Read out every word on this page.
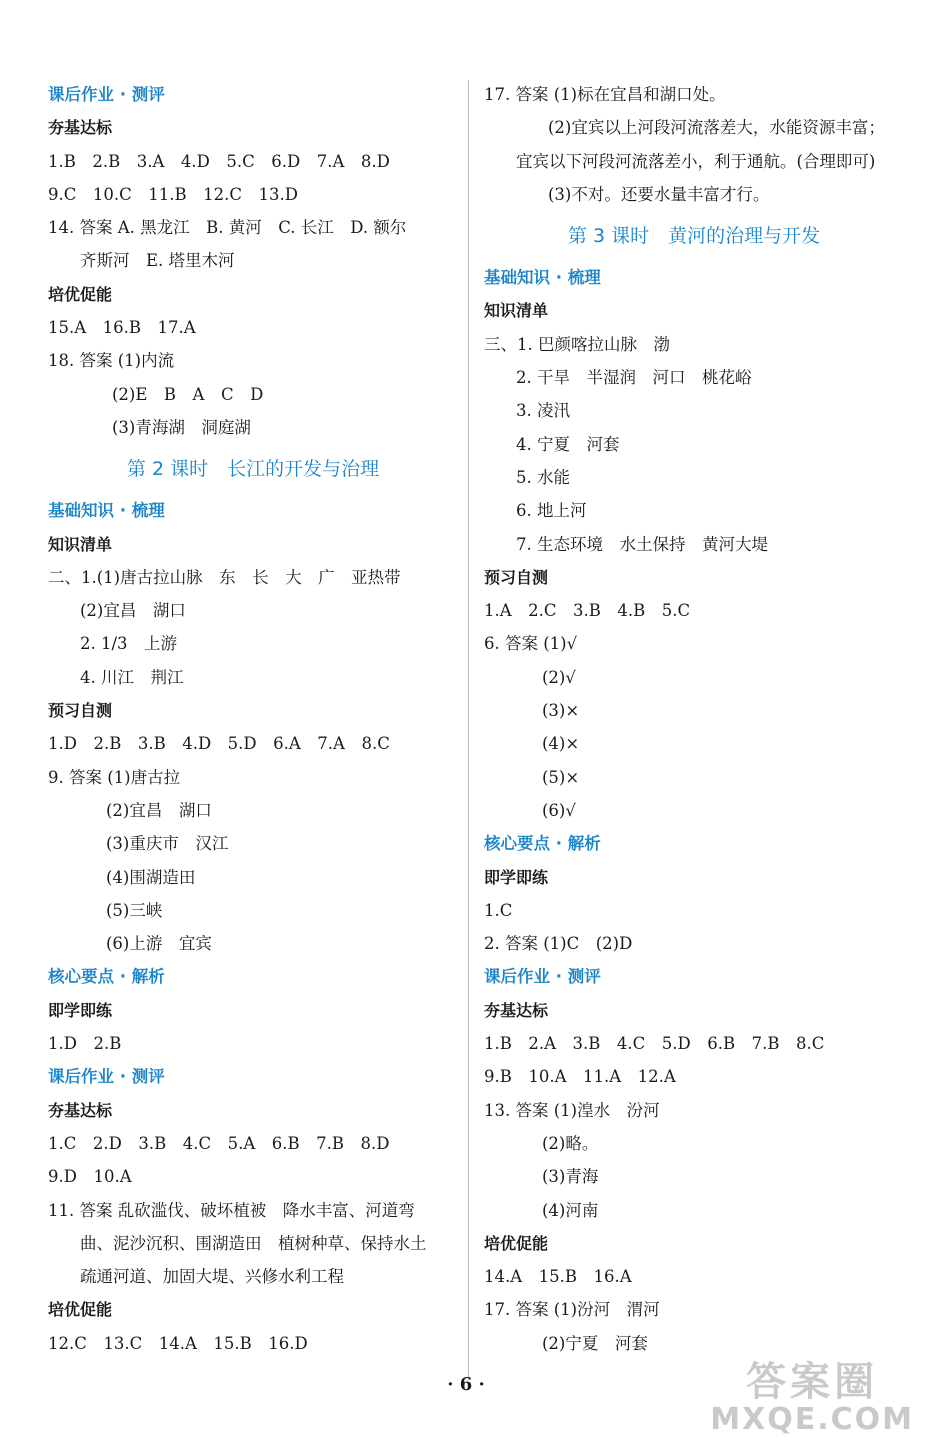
课后作业 · 测评
夯基达标
1.B　2.B　3.A　4.D　5.C　6.D　7.A　8.D
9.C　10.C　11.B　12.C　13.D
14. 答案 A. 黑龙江　B. 黄河　C. 长江　D. 额尔
齐斯河　E. 塔里木河
培优促能
15.A　16.B　17.A
18. 答案 (1)内流
(2)E　B　A　C　D
(3)青海湖　洞庭湖
第 2 课时　长江的开发与治理
基础知识 · 梳理
知识清单
二、1.(1)唐古拉山脉　东　长　大　广　亚热带
(2)宜昌　湖口
2. 1/3　上游
4. 川江　荆江
预习自测
1.D　2.B　3.B　4.D　5.D　6.A　7.A　8.C
9. 答案 (1)唐古拉
(2)宜昌　湖口
(3)重庆市　汉江
(4)围湖造田
(5)三峡
(6)上游　宜宾
核心要点 · 解析
即学即练
1.D　2.B
课后作业 · 测评
夯基达标
1.C　2.D　3.B　4.C　5.A　6.B　7.B　8.D
9.D　10.A
11. 答案 乱砍滥伐、破坏植被　降水丰富、河道弯
曲、泥沙沉积、围湖造田　植树种草、保持水土
疏通河道、加固大堤、兴修水利工程
培优促能
12.C　13.C　14.A　15.B　16.D
17. 答案 (1)标在宜昌和湖口处。
(2)宜宾以上河段河流落差大，水能资源丰富；
宜宾以下河段河流落差小，利于通航。(合理即可)
(3)不对。还要水量丰富才行。
第 3 课时　黄河的治理与开发
基础知识 · 梳理
知识清单
三、1. 巴颜喀拉山脉　渤
2. 干旱　半湿润　河口　桃花峪
3. 凌汛
4. 宁夏　河套
5. 水能
6. 地上河
7. 生态环境　水土保持　黄河大堤
预习自测
1.A　2.C　3.B　4.B　5.C
6. 答案 (1)√
(2)√
(3)×
(4)×
(5)×
(6)√
核心要点 · 解析
即学即练
1.C
2. 答案 (1)C　(2)D
课后作业 · 测评
夯基达标
1.B　2.A　3.B　4.C　5.D　6.B　7.B　8.C
9.B　10.A　11.A　12.A
13. 答案 (1)湟水　汾河
(2)略。
(3)青海
(4)河南
培优促能
14.A　15.B　16.A
17. 答案 (1)汾河　渭河
(2)宁夏　河套
· 6 ·	答案圈
MXQE.COM
